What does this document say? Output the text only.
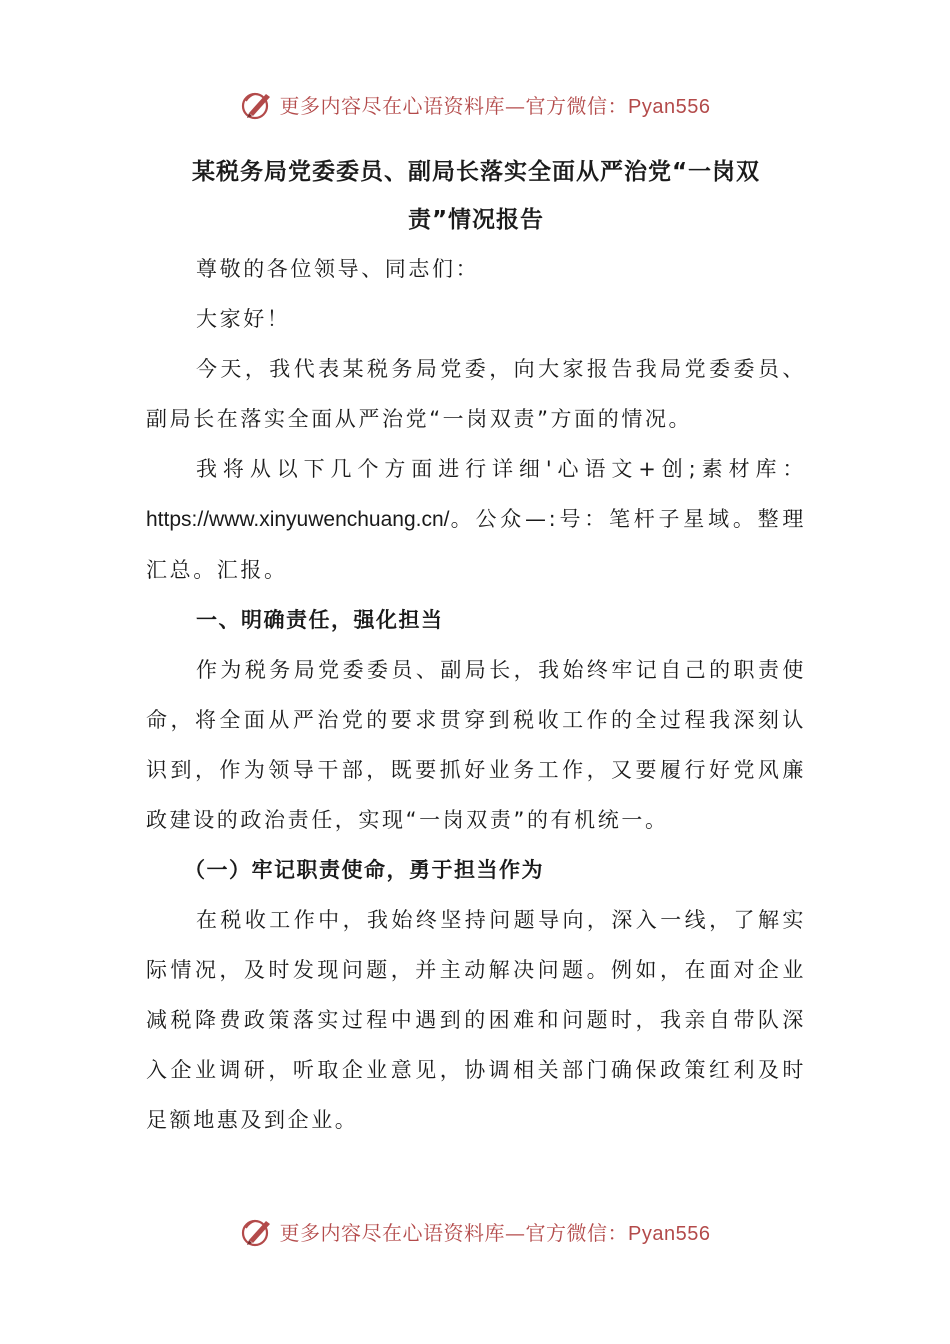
更多内容尽在心语资料库—官方微信：Pyan556

某税务局党委委员、副局长落实全面从严治党“一岗双

责”情况报告

尊敬的各位领导、同志们：

大家好！

今天，我代表某税务局党委，向大家报告我局党委委员、副局长在落实全面从严治党“一岗双责”方面的情况。

我将从以下几个方面进行详细'心语文+创;素材库：https://www.xinyuwenchuang.cn/。公众—:号：笔杆子星域。整理汇总。汇报。

一、明确责任，强化担当

作为税务局党委委员、副局长，我始终牢记自己的职责使命，将全面从严治党的要求贯穿到税收工作的全过程我深刻认识到，作为领导干部，既要抓好业务工作，又要履行好党风廉政建设的政治责任，实现“一岗双责”的有机统一。

（一）牢记职责使命，勇于担当作为

在税收工作中，我始终坚持问题导向，深入一线，了解实际情况，及时发现问题，并主动解决问题。例如，在面对企业减税降费政策落实过程中遇到的困难和问题时，我亲自带队深入企业调研，听取企业意见，协调相关部门确保政策红利及时足额地惠及到企业。

更多内容尽在心语资料库—官方微信：Pyan556
